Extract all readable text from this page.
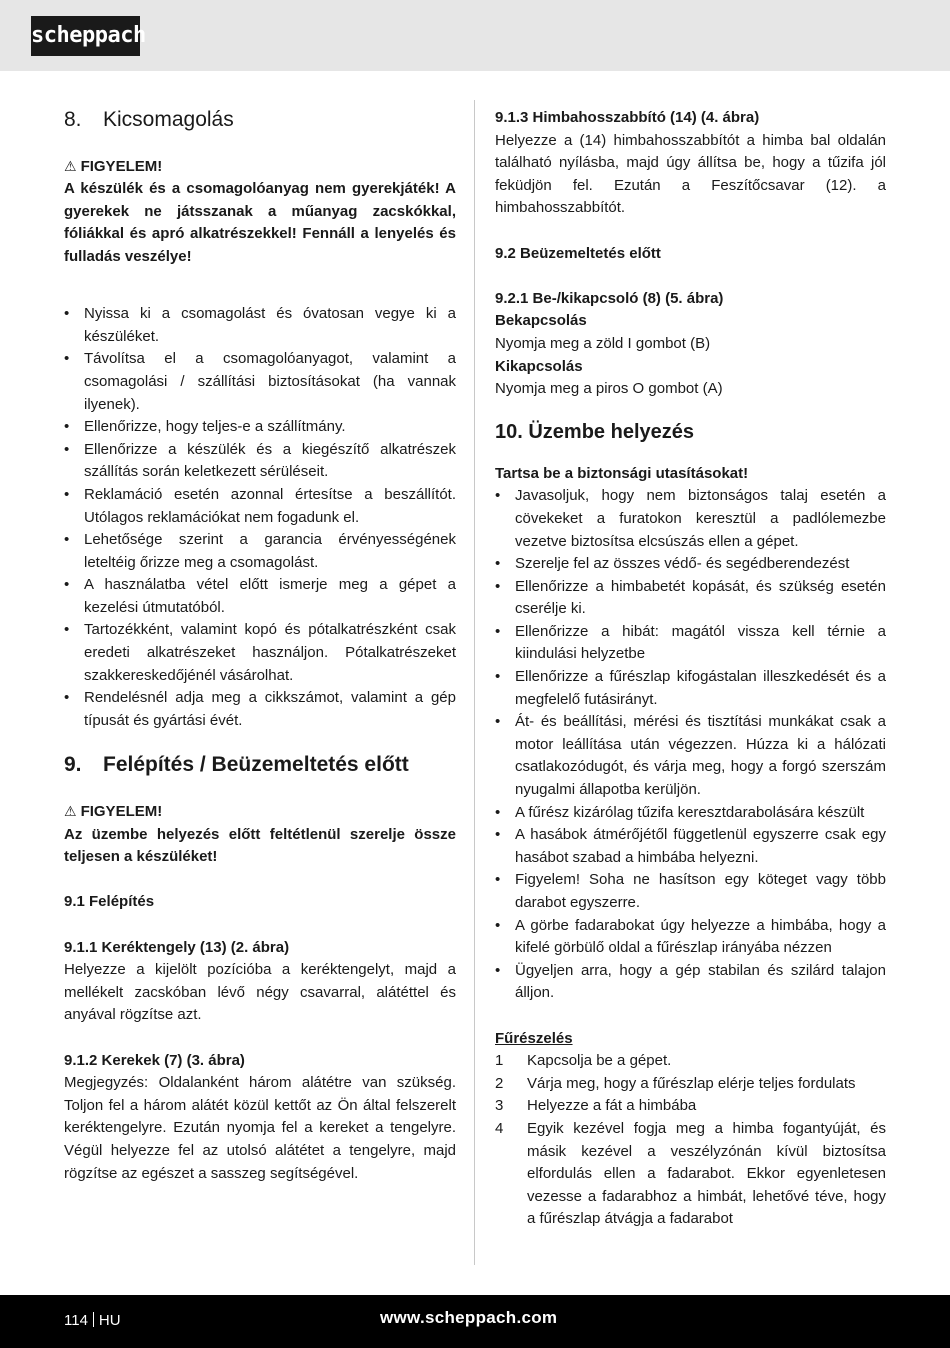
scheppach
8.	Kicsomagolás
⚠ FIGYELEM!

A készülék és a csomagolóanyag nem gyerekjáték! A gyerekek ne játsszanak a műanyag zacskókkal, fóliákkal és apró alkatrészekkel! Fennáll a lenyelés és fulladás veszélye!

• Nyissa ki a csomagolást és óvatosan vegye ki a készüléket.
• Távolítsa el a csomagolóanyagot, valamint a csomagolási / szállítási biztosításokat (ha vannak ilyenek).
• Ellenőrizze, hogy teljes-e a szállítmány.
• Ellenőrizze a készülék és a kiegészítő alkatrészek szállítás során keletkezett sérüléseit.
• Reklamáció esetén azonnal értesítse a beszállítót. Utólagos reklamációkat nem fogadunk el.
• Lehetősége szerint a garancia érvényességének leteltéig őrizze meg a csomagolást.
• A használatba vétel előtt ismerje meg a gépet a kezelési útmutatóból.
• Tartozékként, valamint kopó és pótalkatrészként csak eredeti alkatrészeket használjon. Pótalkatrészeket szakkereskedőjénél vásárolhat.
• Rendelésnél adja meg a cikkszámot, valamint a gép típusát és gyártási évét.
9.	Felépítés / Beüzemeltetés előtt
⚠ FIGYELEM!

Az üzembe helyezés előtt feltétlenül szerelje össze teljesen a készüléket!

9.1 Felépítés

9.1.1 Keréktengely (13) (2. ábra)

Helyezze a kijelölt pozícióba a keréktengelyt, majd a mellékelt zacskóban lévő négy csavarral, alátéttel és anyával rögzítse azt.

9.1.2 Kerekek (7) (3. ábra)

Megjegyzés: Oldalanként három alátétre van szükség. Toljon fel a három alátét közül kettőt az Ön által felszerelt keréktengelyre. Ezután nyomja fel a kereket a tengelyre. Végül helyezze fel az utolsó alátétet a tengelyre, majd rögzítse az egészet a sasszeg segítségével.

9.1.3 Himbahosszabbító (14) (4. ábra)

Helyezze a (14) himbahosszabbítót a himba bal oldalán található nyílásba, majd úgy állítsa be, hogy a tűzifa jól feküdjön fel. Ezután a Feszítőcsavar (12). a himbahosszabbítót.

9.2 Beüzemeltetés előtt

9.2.1 Be-/kikapcsoló (8) (5. ábra)

Bekapcsolás

Nyomja meg a zöld I gombot (B)

Kikapcsolás

Nyomja meg a piros O gombot (A)

10. Üzembe helyezés

Tartsa be a biztonsági utasításokat!

• Javasoljuk, hogy nem biztonságos talaj esetén a cövekeket a furatokon keresztül a padlólemezbe vezetve biztosítsa elcsúszás ellen a gépet.
• Szerelje fel az összes védő- és segédberendezést
• Ellenőrizze a himbabetét kopását, és szükség esetén cserélje ki.
• Ellenőrizze a hibát: magától vissza kell térnie a kiindulási helyzetbe
• Ellenőrizze a fűrészlap kifogástalan illeszkedését és a megfelelő futásirányt.
• Át- és beállítási, mérési és tisztítási munkákat csak a motor leállítása után végezzen. Húzza ki a hálózati csatlakozódugót, és várja meg, hogy a forgó szerszám nyugalmi állapotba kerüljön.
• A fűrész kizárólag tűzifa keresztdarabolására készült
• A hasábok átmérőjétől függetlenül egyszerre csak egy hasábot szabad a himbába helyezni.
• Figyelem! Soha ne hasítson egy köteget vagy több darabot egyszerre.
• A görbe fadarabokat úgy helyezze a himbába, hogy a kifelé görbülő oldal a fűrészlap irányába nézzen
• Ügyeljen arra, hogy a gép stabilan és szilárd talajon álljon.

Fűrészelés

1	Kapcsolja be a gépet.
2	Várja meg, hogy a fűrészlap elérje teljes fordulats
3	Helyezze a fát a himbába
4	Egyik kezével fogja meg a himba fogantyúját, és másik kezével a veszélyzónán kívül biztosítsa elfordulás ellen a fadarabot. Ekkor egyenletesen vezesse a fadarabhoz a himbát, lehetővé téve, hogy a fűrészlap átvágja a fadarabot
114 HU	www.scheppach.com
